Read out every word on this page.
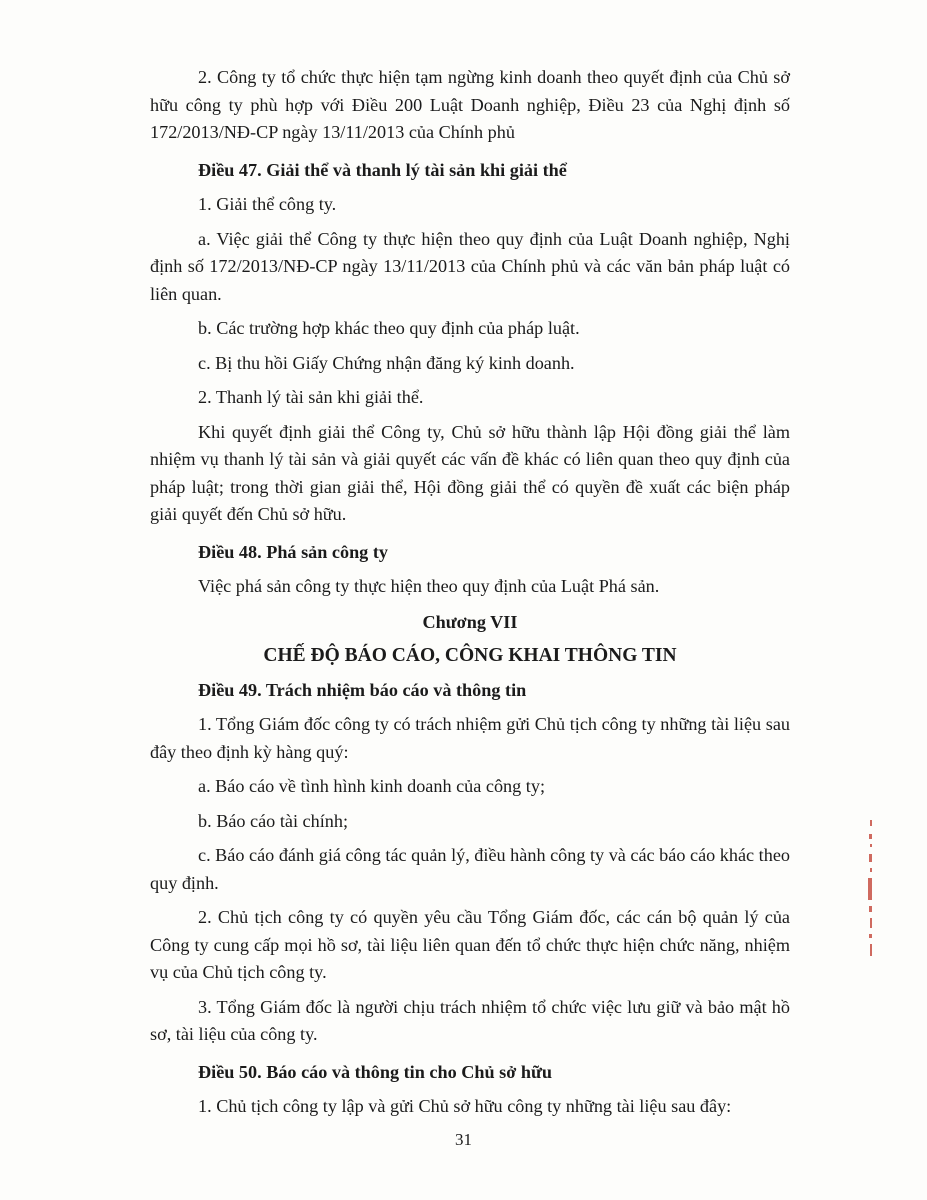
2. Công ty tổ chức thực hiện tạm ngừng kinh doanh theo quyết định của Chủ sở hữu công ty phù hợp với Điều 200 Luật Doanh nghiệp, Điều 23 của Nghị định số 172/2013/NĐ-CP ngày 13/11/2013 của Chính phủ

Điều 47. Giải thể và thanh lý tài sản khi giải thể

1. Giải thể công ty.

a. Việc giải thể Công ty thực hiện theo quy định của Luật Doanh nghiệp, Nghị định số 172/2013/NĐ-CP ngày 13/11/2013 của Chính phủ và các văn bản pháp luật có liên quan.

b. Các trường hợp khác theo quy định của pháp luật.

c. Bị thu hồi Giấy Chứng nhận đăng ký kinh doanh.

2. Thanh lý tài sản khi giải thể.

Khi quyết định giải thể Công ty, Chủ sở hữu thành lập Hội đồng giải thể làm nhiệm vụ thanh lý tài sản và giải quyết các vấn đề khác có liên quan theo quy định của pháp luật; trong thời gian giải thể, Hội đồng giải thể có quyền đề xuất các biện pháp giải quyết đến Chủ sở hữu.

Điều 48. Phá sản công ty

Việc phá sản công ty thực hiện theo quy định của Luật Phá sản.

Chương VII

CHẾ ĐỘ BÁO CÁO, CÔNG KHAI THÔNG TIN

Điều 49. Trách nhiệm báo cáo và thông tin

1. Tổng Giám đốc công ty có trách nhiệm gửi Chủ tịch công ty những tài liệu sau đây theo định kỳ hàng quý:

a. Báo cáo về tình hình kinh doanh của công ty;

b. Báo cáo tài chính;

c. Báo cáo đánh giá công tác quản lý, điều hành công ty và các báo cáo khác theo quy định.

2. Chủ tịch công ty có quyền yêu cầu Tổng Giám đốc, các cán bộ quản lý của Công ty cung cấp mọi hồ sơ, tài liệu liên quan đến tổ chức thực hiện chức năng, nhiệm vụ của Chủ tịch công ty.

3. Tổng Giám đốc là người chịu trách nhiệm tổ chức việc lưu giữ và bảo mật hồ sơ, tài liệu của công ty.

Điều 50. Báo cáo và thông tin cho Chủ sở hữu

1. Chủ tịch công ty lập và gửi Chủ sở hữu công ty những tài liệu sau đây:

31
